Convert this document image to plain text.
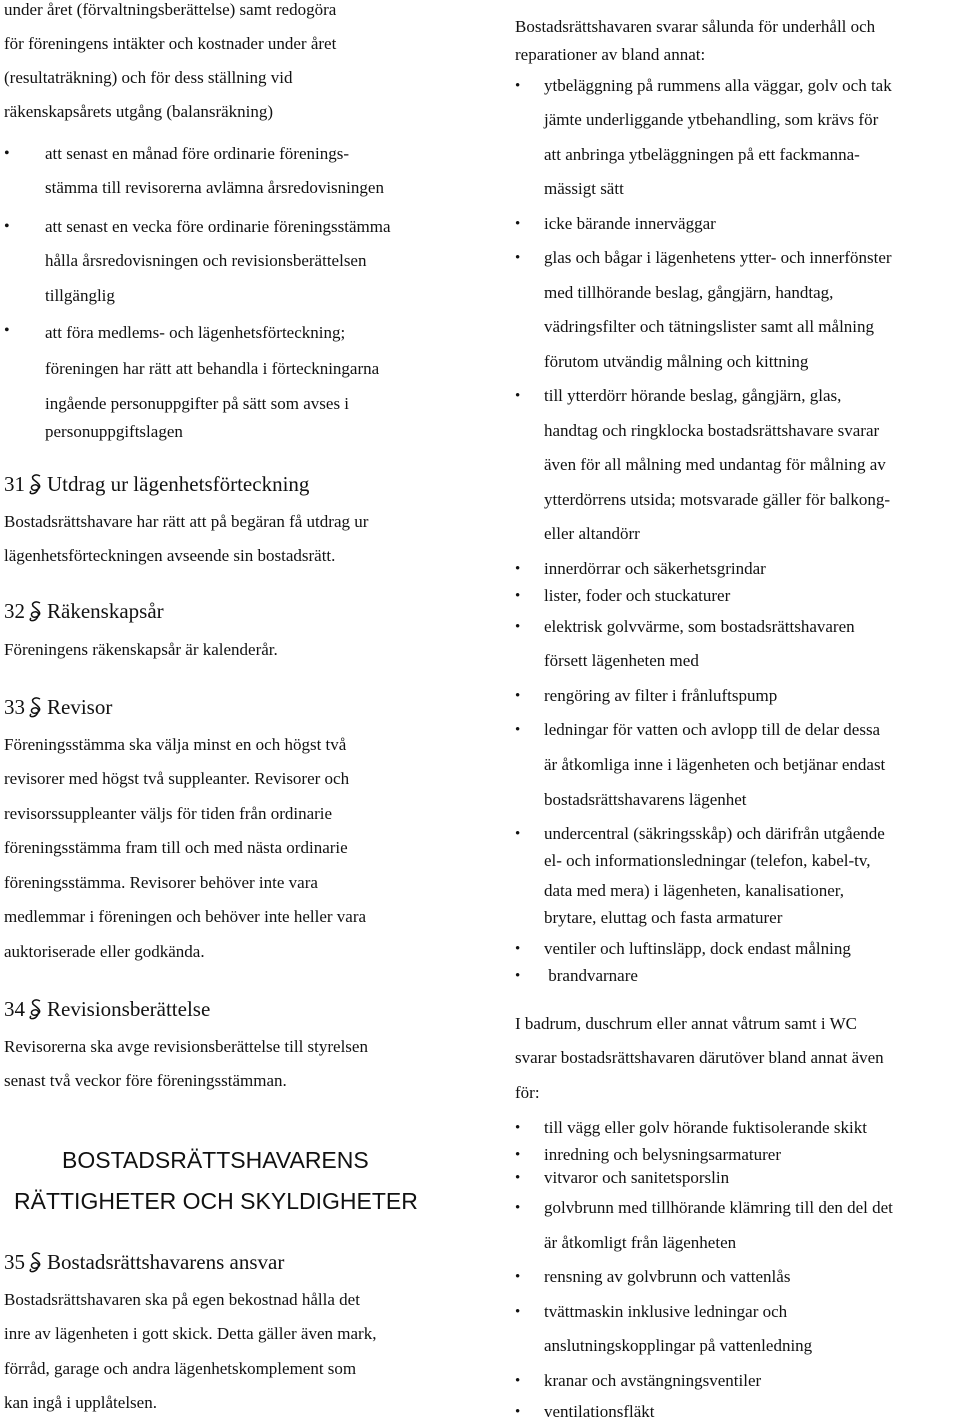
under året (förvaltningsberättelse) samt redogöra
för föreningens intäkter och kostnader under året
(resultaträkning) och för dess ställning vid
räkenskapsårets utgång (balansräkning)
• att senast en månad före ordinarie förenings-
stämma till revisorerna avlämna årsredovisningen
• att senast en vecka före ordinarie föreningsstämma
hålla årsredovisningen och revisionsberättelsen
tillgänglig
• att föra medlems- och lägenhetsförteckning;
föreningen har rätt att behandla i förteckningarna
ingående personuppgifter på sätt som avses i
personuppgiftslagen
31 Utdrag ur lägenhetsförteckning
Bostadsrättshavare har rätt att på begäran få utdrag ur
lägenhetsförteckningen avseende sin bostadsrätt.
32 Räkenskapsår
Föreningens räkenskapsår är kalenderår.
33 Revisor
Föreningsstämma ska välja minst en och högst två
revisorer med högst två suppleanter. Revisorer och
revisorssuppleanter väljs för tiden från ordinarie
föreningsstämma fram till och med nästa ordinarie
föreningsstämma. Revisorer behöver inte vara
medlemmar i föreningen och behöver inte heller vara
auktoriserade eller godkända.
34 Revisionsberättelse
Revisorerna ska avge revisionsberättelse till styrelsen
senast två veckor före föreningsstämman.
BOSTADSRÄTTSHAVARENS
RÄTTIGHETER OCH SKYLDIGHETER
35 Bostadsrättshavarens ansvar
Bostadsrättshavaren ska på egen bekostnad hålla det
inre av lägenheten i gott skick. Detta gäller även mark,
förråd, garage och andra lägenhetskomplement som
kan ingå i upplåtelsen.
Bostadsrättshavaren svarar sålunda för underhåll och
reparationer av bland annat:
• ytbeläggning på rummens alla väggar, golv och tak
jämte underliggande ytbehandling, som krävs för
att anbringa ytbeläggningen på ett fackmanna-
mässigt sätt
• icke bärande innerväggar
• glas och bågar i lägenhetens ytter- och innerfönster
med tillhörande beslag, gångjärn, handtag,
vädringsfilter och tätningslister samt all målning
förutom utvändig målning och kittning
• till ytterdörr hörande beslag, gångjärn, glas,
handtag och ringklocka bostadsrättshavare svarar
även för all målning med undantag för målning av
ytterdörrens utsida; motsvarade gäller för balkong-
eller altandörr
• innerdörrar och säkerhetsgrindar
• lister, foder och stuckaturer
• elektrisk golvvärme, som bostadsrättshavaren
försett lägenheten med
• rengöring av filter i frånluftspump
• ledningar för vatten och avlopp till de delar dessa
är åtkomliga inne i lägenheten och betjänar endast
bostadsrättshavarens lägenhet
• undercentral (säkringsskåp) och därifrån utgående
el- och informationsledningar (telefon, kabel-tv,
data med mera) i lägenheten, kanalisationer,
brytare, eluttag och fasta armaturer
• ventiler och luftinsläpp, dock endast målning
• brandvarnare
I badrum, duschrum eller annat våtrum samt i WC
svarar bostadsrättshavaren därutöver bland annat även
för:
• till vägg eller golv hörande fuktisolerande skikt
• inredning och belysningsarmaturer
• vitvaror och sanitetsporslin
• golvbrunn med tillhörande klämring till den del det
är åtkomligt från lägenheten
• rensning av golvbrunn och vattenlås
• tvättmaskin inklusive ledningar och
anslutningskopplingar på vattenledning
• kranar och avstängningsventiler
• ventilationsfläkt
